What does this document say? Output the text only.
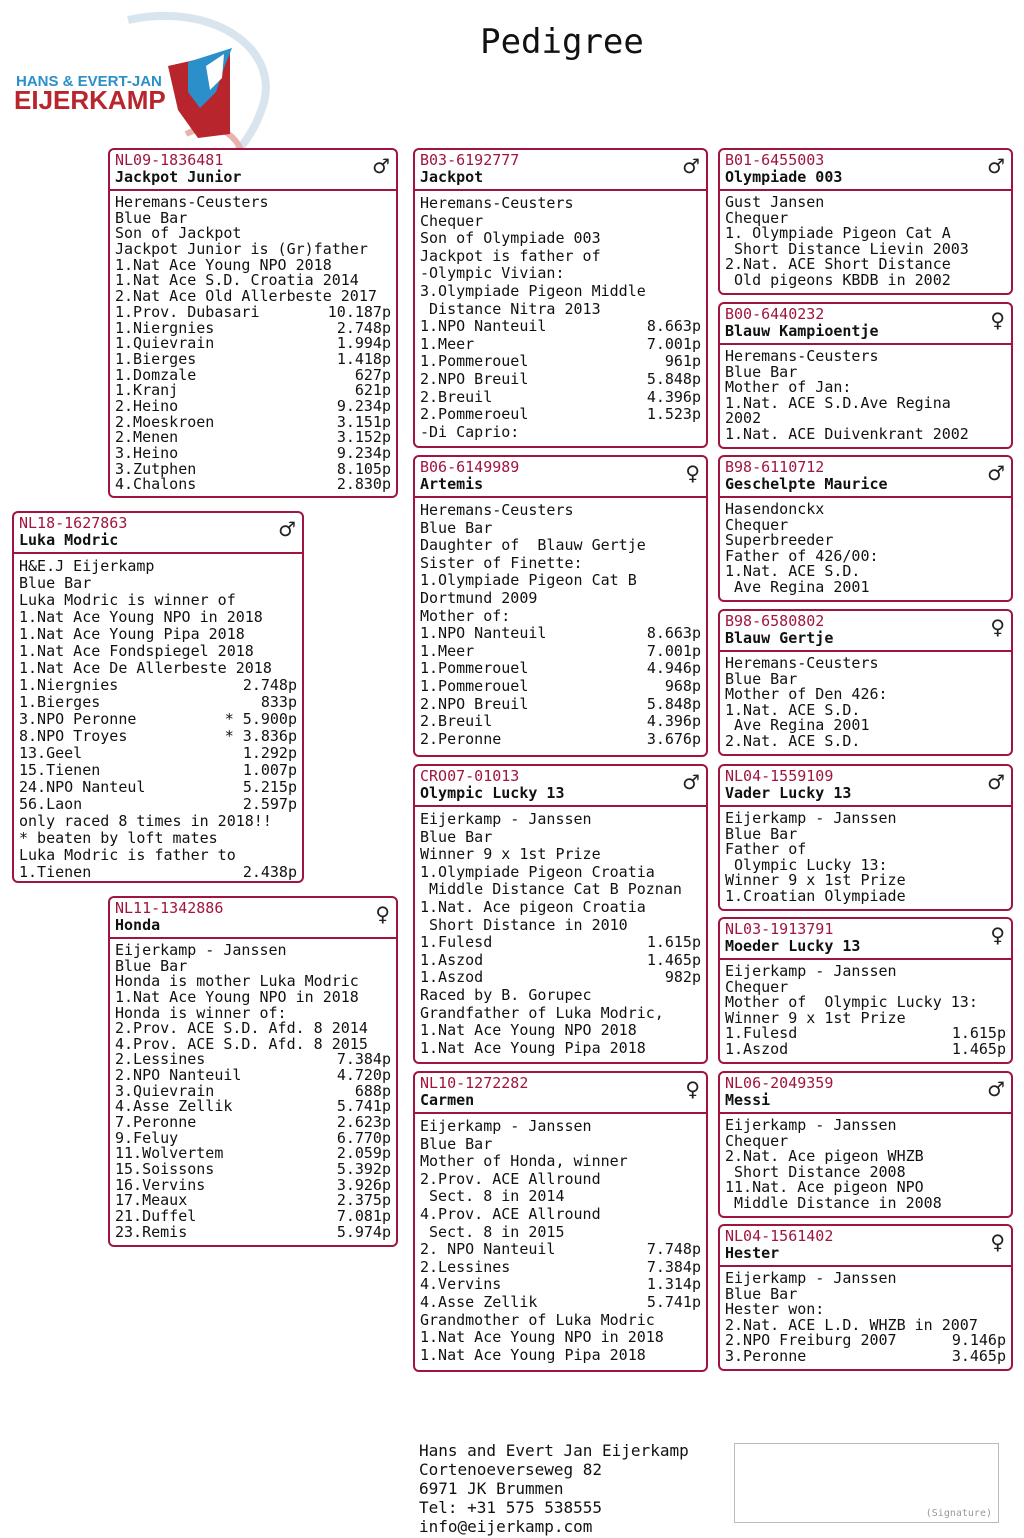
Pedigree
HANS & EVERT-JAN
EIJERKAMP
NL18-1627863
Luka Modric	♂
H&E.J Eijerkamp
Blue Bar
Luka Modric is winner of
1.Nat Ace Young NPO in 2018
1.Nat Ace Young Pipa 2018
1.Nat Ace Fondspiegel 2018
1.Nat Ace De Allerbeste 2018
1.Niergnies	2.748p
1.Bierges	833p
3.NPO Peronne	* 5.900p
8.NPO Troyes	* 3.836p
13.Geel	1.292p
15.Tienen	1.007p
24.NPO Nanteul	5.215p
56.Laon	2.597p
only raced 8 times in 2018!!
* beaten by loft mates
Luka Modric is father to
1.Tienen	2.438p
NL09-1836481
Jackpot Junior	♂
Heremans-Ceusters
Blue Bar
Son of Jackpot
Jackpot Junior is (Gr)father
1.Nat Ace Young NPO 2018
1.Nat Ace S.D. Croatia 2014
2.Nat Ace Old Allerbeste 2017
1.Prov. Dubasari	10.187p
1.Niergnies	2.748p
1.Quievrain	1.994p
1.Bierges	1.418p
1.Domzale	627p
1.Kranj	621p
2.Heino	9.234p
2.Moeskroen	3.151p
2.Menen	3.152p
3.Heino	9.234p
3.Zutphen	8.105p
4.Chalons	2.830p
NL11-1342886
Honda	♀
Eijerkamp - Janssen
Blue Bar
Honda is mother Luka Modric
1.Nat Ace Young NPO in 2018
Honda is winner of:
2.Prov. ACE S.D. Afd. 8 2014
4.Prov. ACE S.D. Afd. 8 2015
2.Lessines	7.384p
2.NPO Nanteuil	4.720p
3.Quievrain	688p
4.Asse Zellik	5.741p
7.Peronne	2.623p
9.Feluy	6.770p
11.Wolvertem	2.059p
15.Soissons	5.392p
16.Vervins	3.926p
17.Meaux	2.375p
21.Duffel	7.081p
23.Remis	5.974p
B03-6192777
Jackpot	♂
Heremans-Ceusters
Chequer
Son of Olympiade 003
Jackpot is father of
-Olympic Vivian:
3.Olympiade Pigeon Middle
Distance Nitra 2013
1.NPO Nanteuil	8.663p
1.Meer	7.001p
1.Pommerouel	961p
2.NPO Breuil	5.848p
2.Breuil	4.396p
2.Pommeroeul	1.523p
-Di Caprio:
B06-6149989
Artemis	♀
Heremans-Ceusters
Blue Bar
Daughter of  Blauw Gertje
Sister of Finette:
1.Olympiade Pigeon Cat B
Dortmund 2009
Mother of:
1.NPO Nanteuil	8.663p
1.Meer	7.001p
1.Pommerouel	4.946p
1.Pommerouel	968p
2.NPO Breuil	5.848p
2.Breuil	4.396p
2.Peronne	3.676p
CRO07-01013
Olympic Lucky 13	♂
Eijerkamp - Janssen
Blue Bar
Winner 9 x 1st Prize
1.Olympiade Pigeon Croatia
Middle Distance Cat B Poznan
1.Nat. Ace pigeon Croatia
Short Distance in 2010
1.Fulesd	1.615p
1.Aszod	1.465p
1.Aszod	982p
Raced by B. Gorupec
Grandfather of Luka Modric,
1.Nat Ace Young NPO 2018
1.Nat Ace Young Pipa 2018
NL10-1272282
Carmen	♀
Eijerkamp - Janssen
Blue Bar
Mother of Honda, winner
2.Prov. ACE Allround
Sect. 8 in 2014
4.Prov. ACE Allround
Sect. 8 in 2015
2. NPO Nanteuil	7.748p
2.Lessines	7.384p
4.Vervins	1.314p
4.Asse Zellik	5.741p
Grandmother of Luka Modric
1.Nat Ace Young NPO in 2018
1.Nat Ace Young Pipa 2018
B01-6455003
Olympiade 003	♂
Gust Jansen
Chequer
1. Olympiade Pigeon Cat A
Short Distance Lievin 2003
2.Nat. ACE Short Distance
Old pigeons KBDB in 2002
B00-6440232
Blauw Kampioentje	♀
Heremans-Ceusters
Blue Bar
Mother of Jan:
1.Nat. ACE S.D.Ave Regina
2002
1.Nat. ACE Duivenkrant 2002
B98-6110712
Geschelpte Maurice	♂
Hasendonckx
Chequer
Superbreeder
Father of 426/00:
1.Nat. ACE S.D.
Ave Regina 2001
B98-6580802
Blauw Gertje	♀
Heremans-Ceusters
Blue Bar
Mother of Den 426:
1.Nat. ACE S.D.
Ave Regina 2001
2.Nat. ACE S.D.
NL04-1559109
Vader Lucky 13	♂
Eijerkamp - Janssen
Blue Bar
Father of
Olympic Lucky 13:
Winner 9 x 1st Prize
1.Croatian Olympiade
NL03-1913791
Moeder Lucky 13	♀
Eijerkamp - Janssen
Chequer
Mother of  Olympic Lucky 13:
Winner 9 x 1st Prize
1.Fulesd	1.615p
1.Aszod	1.465p
NL06-2049359
Messi	♂
Eijerkamp - Janssen
Chequer
2.Nat. Ace pigeon WHZB
Short Distance 2008
11.Nat. Ace pigeon NPO
Middle Distance in 2008
NL04-1561402
Hester	♀
Eijerkamp - Janssen
Blue Bar
Hester won:
2.Nat. ACE L.D. WHZB in 2007
2.NPO Freiburg 2007	9.146p
3.Peronne	3.465p
Hans and Evert Jan Eijerkamp
Cortenoeverseweg 82
6971 JK Brummen
Tel: +31 575 538555
info@eijerkamp.com
(Signature)
